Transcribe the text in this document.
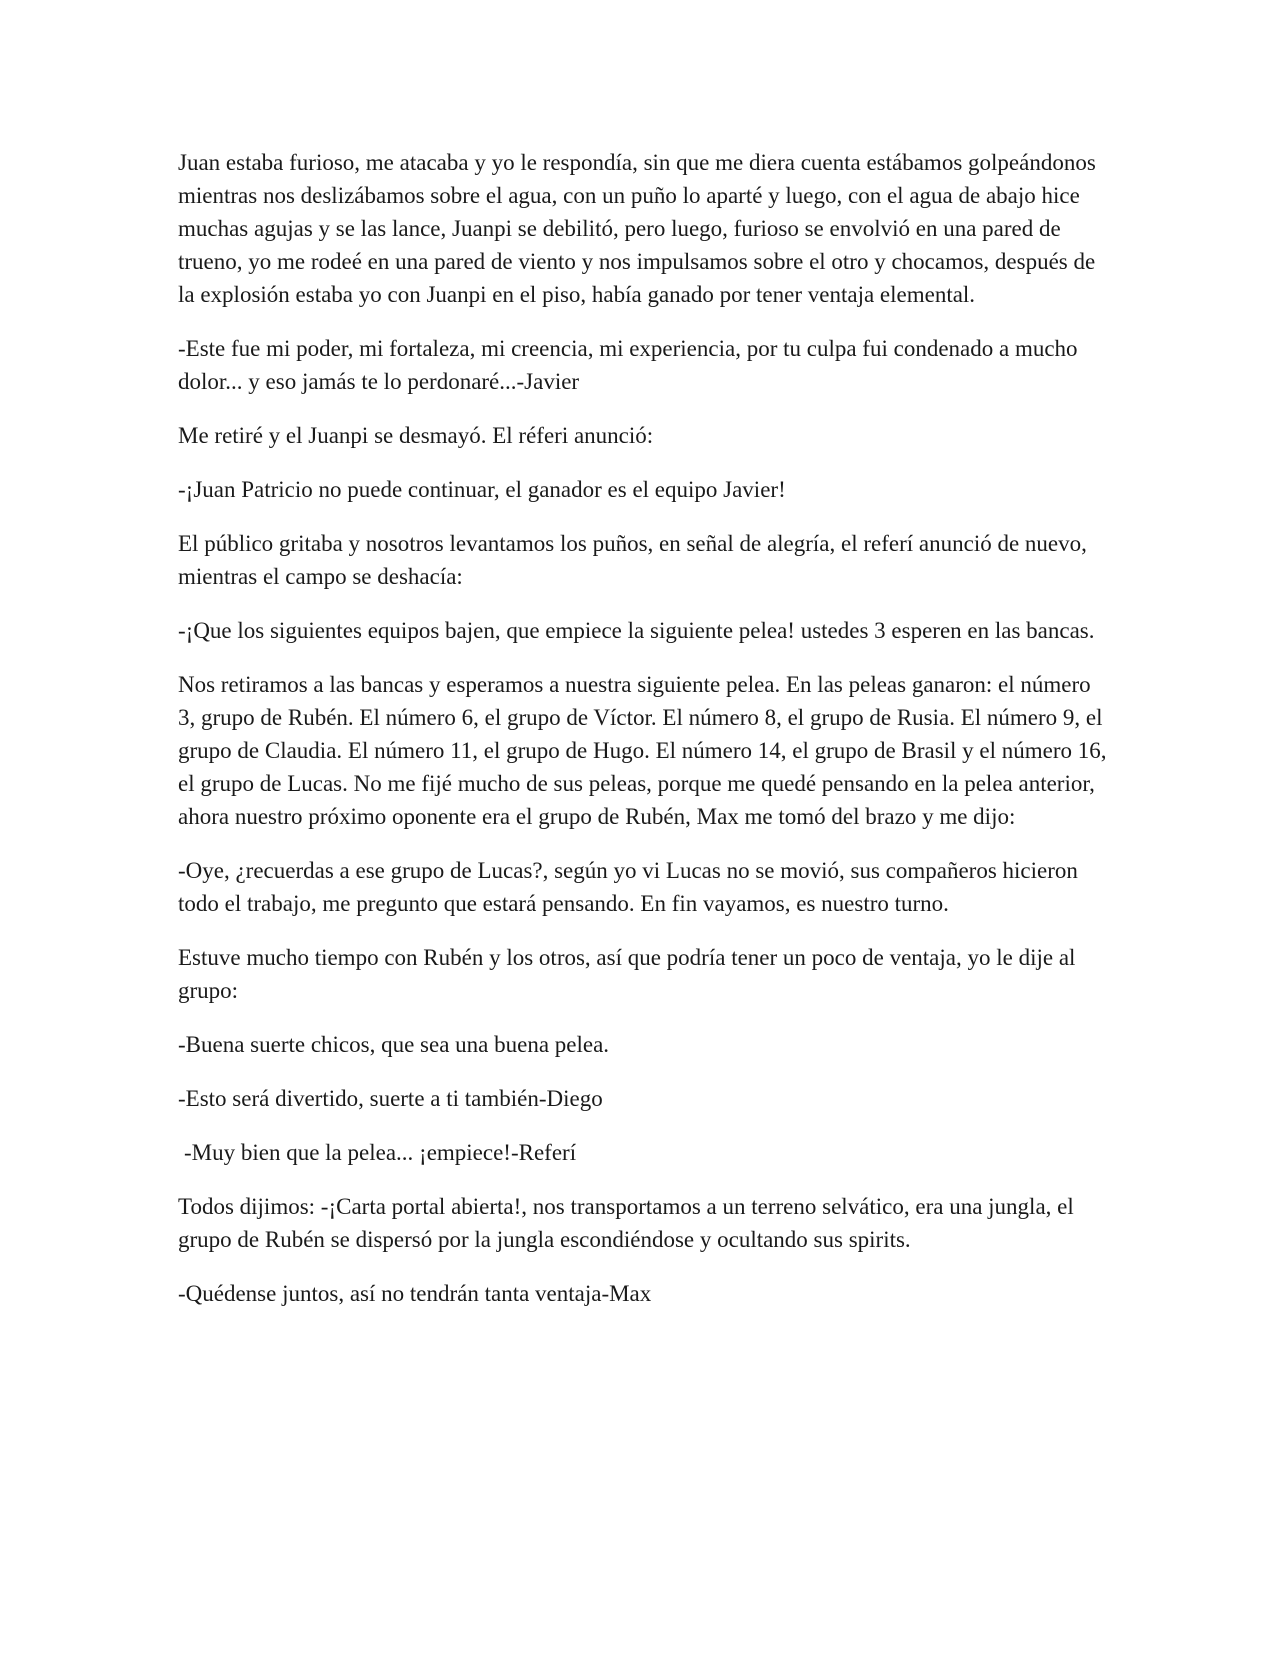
Juan estaba furioso, me atacaba y yo le respondía, sin que me diera cuenta estábamos golpeándonos mientras nos deslizábamos sobre el agua, con un puño lo aparté y luego, con el agua de abajo hice muchas agujas y se las lance, Juanpi se debilitó, pero luego, furioso se envolvió en una pared de trueno, yo me rodeé en una pared de viento y nos impulsamos sobre el otro y chocamos, después de la explosión estaba yo con Juanpi en el piso, había ganado por tener ventaja elemental.

-Este fue mi poder, mi fortaleza, mi creencia, mi experiencia, por tu culpa fui condenado a mucho dolor... y eso jamás te lo perdonaré...-Javier

Me retiré y el Juanpi se desmayó. El réferi anunció:

-¡Juan Patricio no puede continuar, el ganador es el equipo Javier!

El público gritaba y nosotros levantamos los puños, en señal de alegría, el referí anunció de nuevo, mientras el campo se deshacía:

-¡Que los siguientes equipos bajen, que empiece la siguiente pelea! ustedes 3 esperen en las bancas.

Nos retiramos a las bancas y esperamos a nuestra siguiente pelea. En las peleas ganaron: el número 3, grupo de Rubén. El número 6, el grupo de Víctor. El número 8, el grupo de Rusia. El número 9, el grupo de Claudia. El número 11, el grupo de Hugo. El número 14, el grupo de Brasil y el número 16, el grupo de Lucas. No me fijé mucho de sus peleas, porque me quedé pensando en la pelea anterior, ahora nuestro próximo oponente era el grupo de Rubén, Max me tomó del brazo y me dijo:

-Oye, ¿recuerdas a ese grupo de Lucas?, según yo vi Lucas no se movió, sus compañeros hicieron todo el trabajo, me pregunto que estará pensando. En fin vayamos, es nuestro turno.

Estuve mucho tiempo con Rubén y los otros, así que podría tener un poco de ventaja, yo le dije al grupo:

-Buena suerte chicos, que sea una buena pelea.

-Esto será divertido, suerte a ti también-Diego

-Muy bien que la pelea... ¡empiece!-Referí

Todos dijimos: -¡Carta portal abierta!, nos transportamos a un terreno selvático, era una jungla, el grupo de Rubén se dispersó por la jungla escondiéndose y ocultando sus spirits.

-Quédense juntos, así no tendrán tanta ventaja-Max
